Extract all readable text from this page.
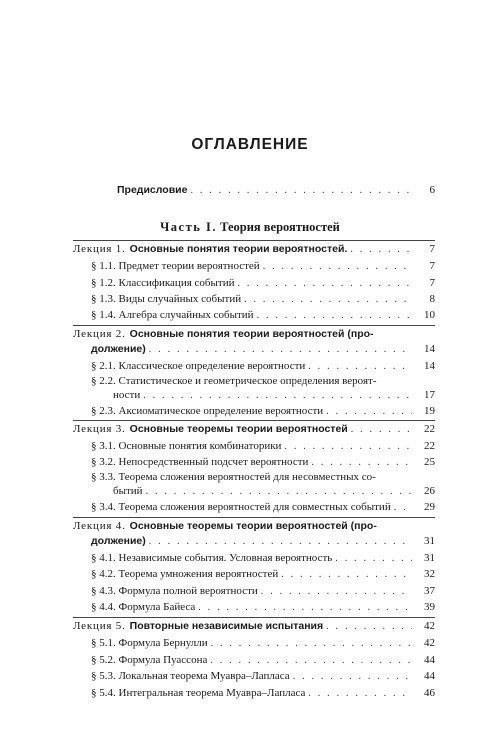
ОГЛАВЛЕНИЕ
Предисловие . . .	6
Часть I. Теория вероятностей
Лекция 1. Основные понятия теории вероятностей. . . .	7
§ 1.1. Предмет теории вероятностей . . .	7
§ 1.2. Классификация событий . . .	7
§ 1.3. Виды случайных событий . . .	8
§ 1.4. Алгебра случайных событий . . .	10
Лекция 2. Основные понятия теории вероятностей (про-
должение) . . .	14
§ 2.1. Классическое определение вероятности . . .	14
§ 2.2. Статистическое и геометрическое определения вероят-
ности . . .	17
§ 2.3. Аксиоматическое определение вероятности . . .	19
Лекция 3. Основные теоремы теории вероятностей . . .	22
§ 3.1. Основные понятия комбинаторики . . .	22
§ 3.2. Непосредственный подсчет вероятности . . .	25
§ 3.3. Теорема сложения вероятностей для несовместных со-
бытий . . .	26
§ 3.4. Теорема сложения вероятностей для совместных событий . . .	29
Лекция 4. Основные теоремы теории вероятностей (про-
должение) . . .	31
§ 4.1. Независимые события. Условная вероятность . . .	31
§ 4.2. Теорема умножения вероятностей . . .	32
§ 4.3. Формула полной вероятности . . .	37
§ 4.4. Формула Байеса . . .	39
Лекция 5. Повторные независимые испытания . . .	42
§ 5.1. Формула Бернулли . . .	42
§ 5.2. Формула Пуассона . . .	44
§ 5.3. Локальная теорема Муавра–Лапласа . . .	44
§ 5.4. Интегральная теорема Муавра–Лапласа . . .	46
